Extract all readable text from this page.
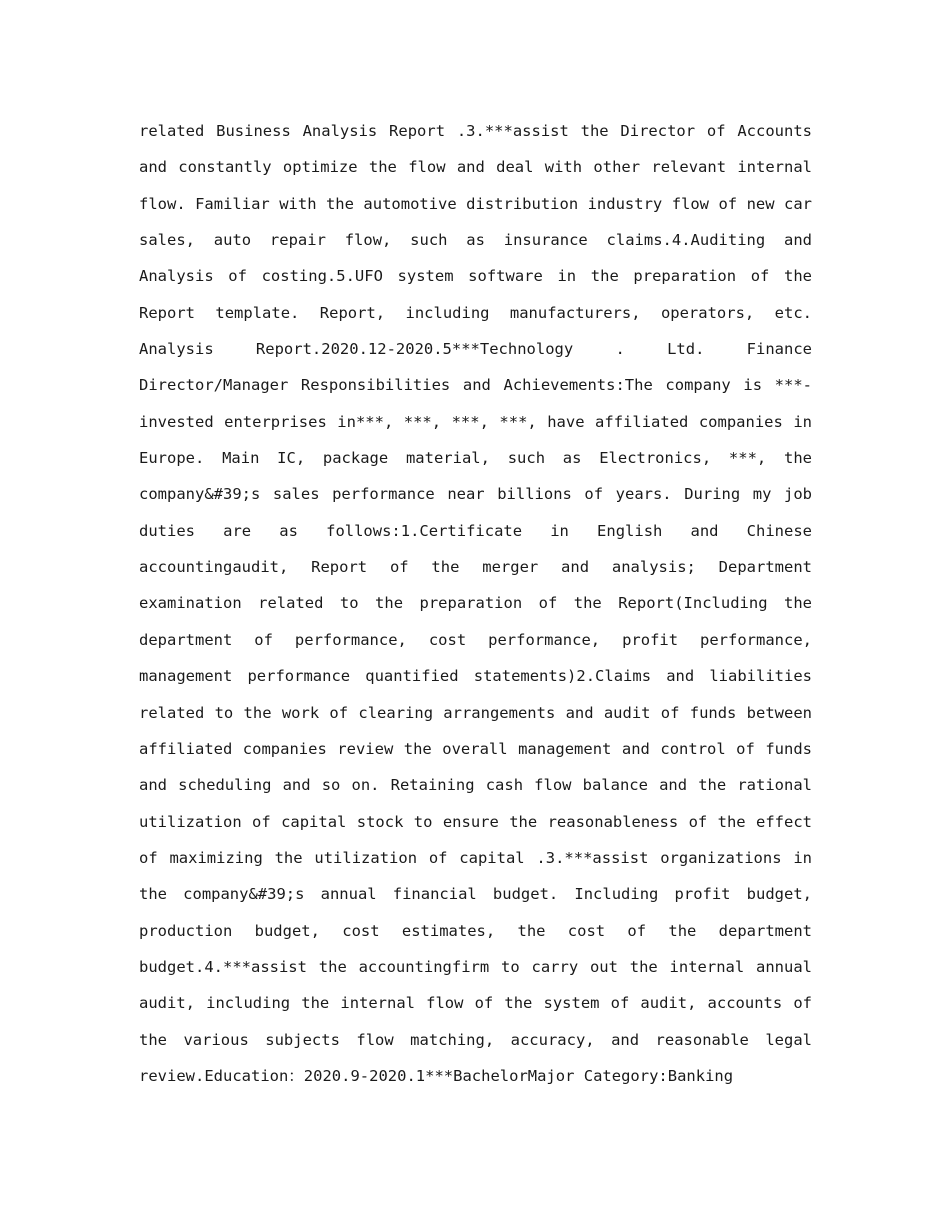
related Business Analysis Report .3.***assist the Director of Accounts
and constantly optimize the flow and deal with other relevant internal
flow. Familiar with the automotive distribution industry flow of new car
sales, auto repair flow, such as insurance claims.4.Auditing and
Analysis of costing.5.UFO system software in the preparation of the
Report template. Report, including manufacturers, operators, etc.
Analysis Report.2020.12-2020.5***Technology . Ltd. Finance
Director/Manager Responsibilities and Achievements:The company is ***-
invested enterprises in***, ***, ***, ***, have affiliated companies in
Europe. Main IC, package material, such as Electronics, ***, the
company&#39;s sales performance near billions of years. During my job
duties are as follows:1.Certificate in English and Chinese
accountingaudit, Report of the merger and analysis; Department
examination related to the preparation of the Report(Including the
department of performance, cost performance, profit performance,
management performance quantified statements)2.Claims and liabilities
related to the work of clearing arrangements and audit of funds between
affiliated companies review the overall management and control of funds
and scheduling and so on. Retaining cash flow balance and the rational
utilization of capital stock to ensure the reasonableness of the effect
of maximizing the utilization of capital .3.***assist organizations in
the company&#39;s annual financial budget. Including profit budget,
production budget, cost estimates, the cost of the department
budget.4.***assist the accountingfirm to carry out the internal annual
audit, including the internal flow of the system of audit, accounts of
the various subjects flow matching, accuracy, and reasonable legal
review.Education：2020.9-2020.1***BachelorMajor Category:Banking
